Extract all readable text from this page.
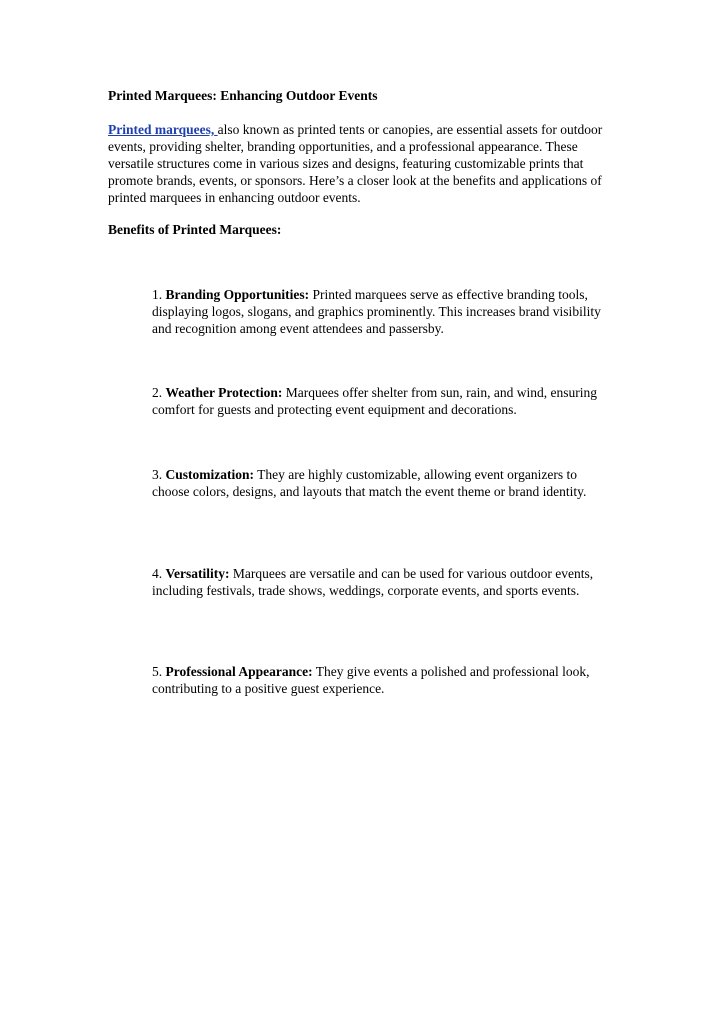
Printed Marquees: Enhancing Outdoor Events

Printed marquees, also known as printed tents or canopies, are essential assets for outdoor events, providing shelter, branding opportunities, and a professional appearance. These versatile structures come in various sizes and designs, featuring customizable prints that promote brands, events, or sponsors. Here’s a closer look at the benefits and applications of printed marquees in enhancing outdoor events.

Benefits of Printed Marquees:

1. Branding Opportunities: Printed marquees serve as effective branding tools, displaying logos, slogans, and graphics prominently. This increases brand visibility and recognition among event attendees and passersby.

2. Weather Protection: Marquees offer shelter from sun, rain, and wind, ensuring comfort for guests and protecting event equipment and decorations.

3. Customization: They are highly customizable, allowing event organizers to choose colors, designs, and layouts that match the event theme or brand identity.

4. Versatility: Marquees are versatile and can be used for various outdoor events, including festivals, trade shows, weddings, corporate events, and sports events.

5. Professional Appearance: They give events a polished and professional look, contributing to a positive guest experience.
